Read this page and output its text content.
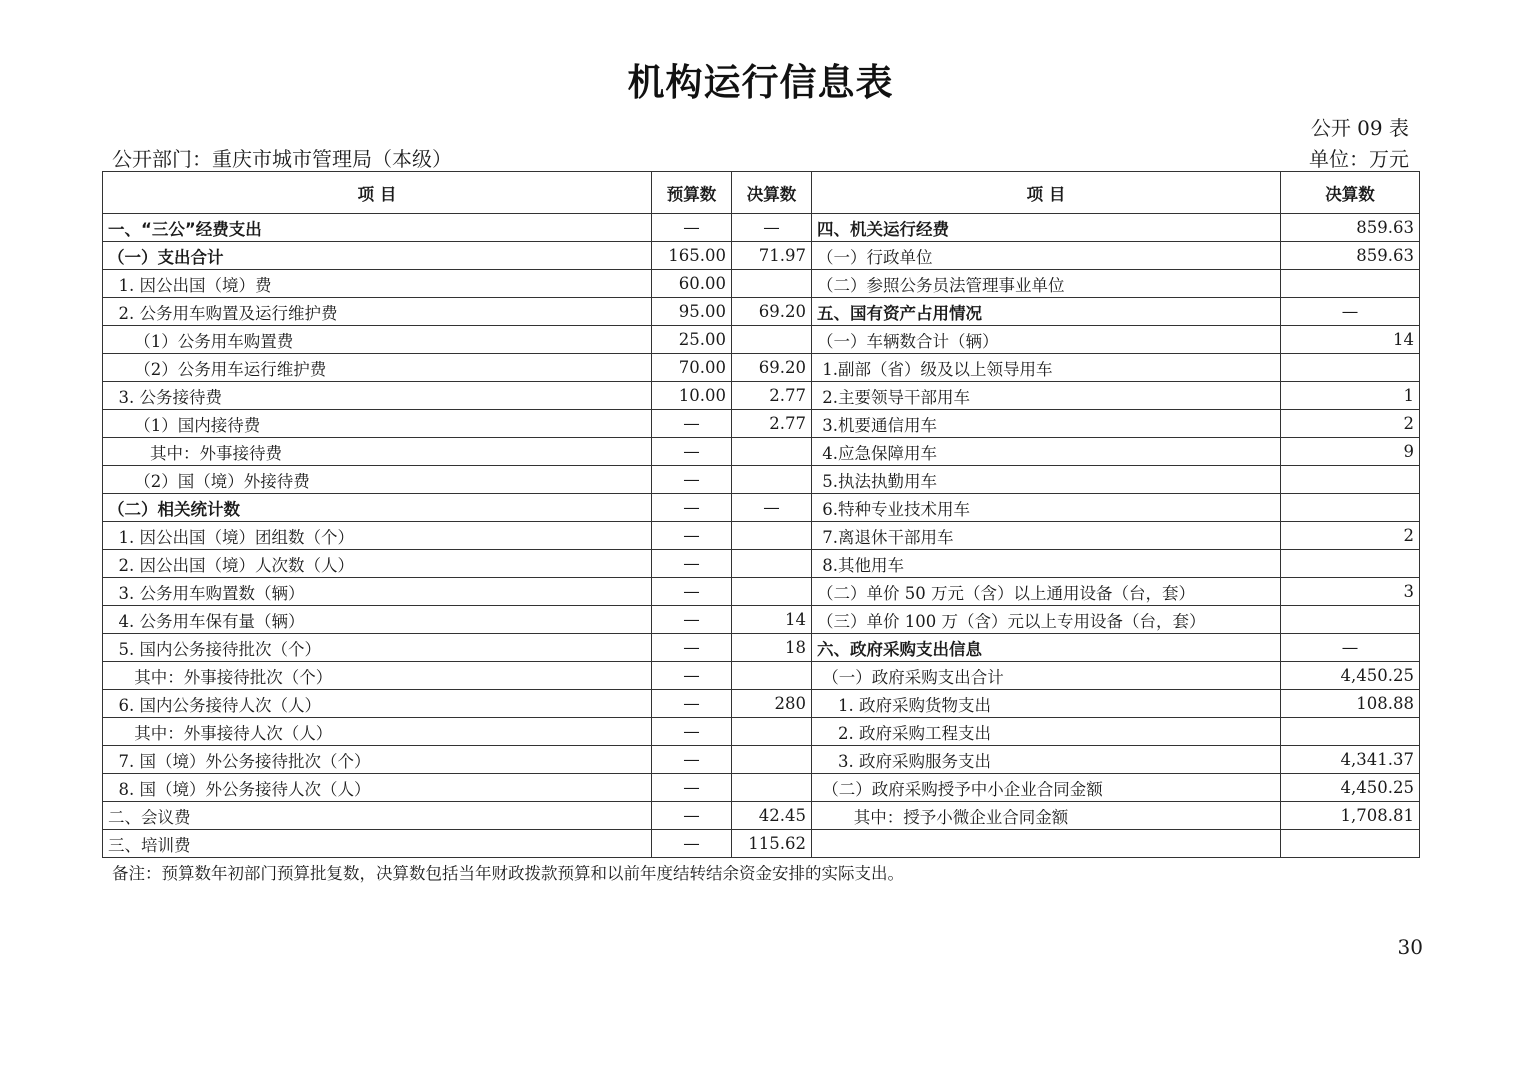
机构运行信息表
公开 09 表
公开部门：重庆市城市管理局（本级）	单位：万元
项 目	预算数	决算数	项 目	决算数
一、“三公”经费支出	—	—	四、机关运行经费	859.63
（一）支出合计	165.00	71.97	（一）行政单位	859.63
1. 因公出国（境）费	60.00		（二）参照公务员法管理事业单位	
2. 公务用车购置及运行维护费	95.00	69.20	五、国有资产占用情况	—
（1）公务用车购置费	25.00		（一）车辆数合计（辆）	14
（2）公务用车运行维护费	70.00	69.20	1.副部（省）级及以上领导用车	
3. 公务接待费	10.00	2.77	2.主要领导干部用车	1
（1）国内接待费	—	2.77	3.机要通信用车	2
其中：外事接待费	—		4.应急保障用车	9
（2）国（境）外接待费	—		5.执法执勤用车	
（二）相关统计数	—	—	6.特种专业技术用车	
1. 因公出国（境）团组数（个）	—		7.离退休干部用车	2
2. 因公出国（境）人次数（人）	—		8.其他用车	
3. 公务用车购置数（辆）	—		（二）单价 50 万元（含）以上通用设备（台，套）	3
4. 公务用车保有量（辆）	—	14	（三）单价 100 万（含）元以上专用设备（台，套）	
5. 国内公务接待批次（个）	—	18	六、政府采购支出信息	—
其中：外事接待批次（个）	—		（一）政府采购支出合计	4,450.25
6. 国内公务接待人次（人）	—	280	1. 政府采购货物支出	108.88
其中：外事接待人次（人）	—		2. 政府采购工程支出	
7. 国（境）外公务接待批次（个）	—		3. 政府采购服务支出	4,341.37
8. 国（境）外公务接待人次（人）	—		（二）政府采购授予中小企业合同金额	4,450.25
二、会议费	—	42.45	其中：授予小微企业合同金额	1,708.81
三、培训费	—	115.62		
备注：预算数年初部门预算批复数，决算数包括当年财政拨款预算和以前年度结转结余资金安排的实际支出。
30
